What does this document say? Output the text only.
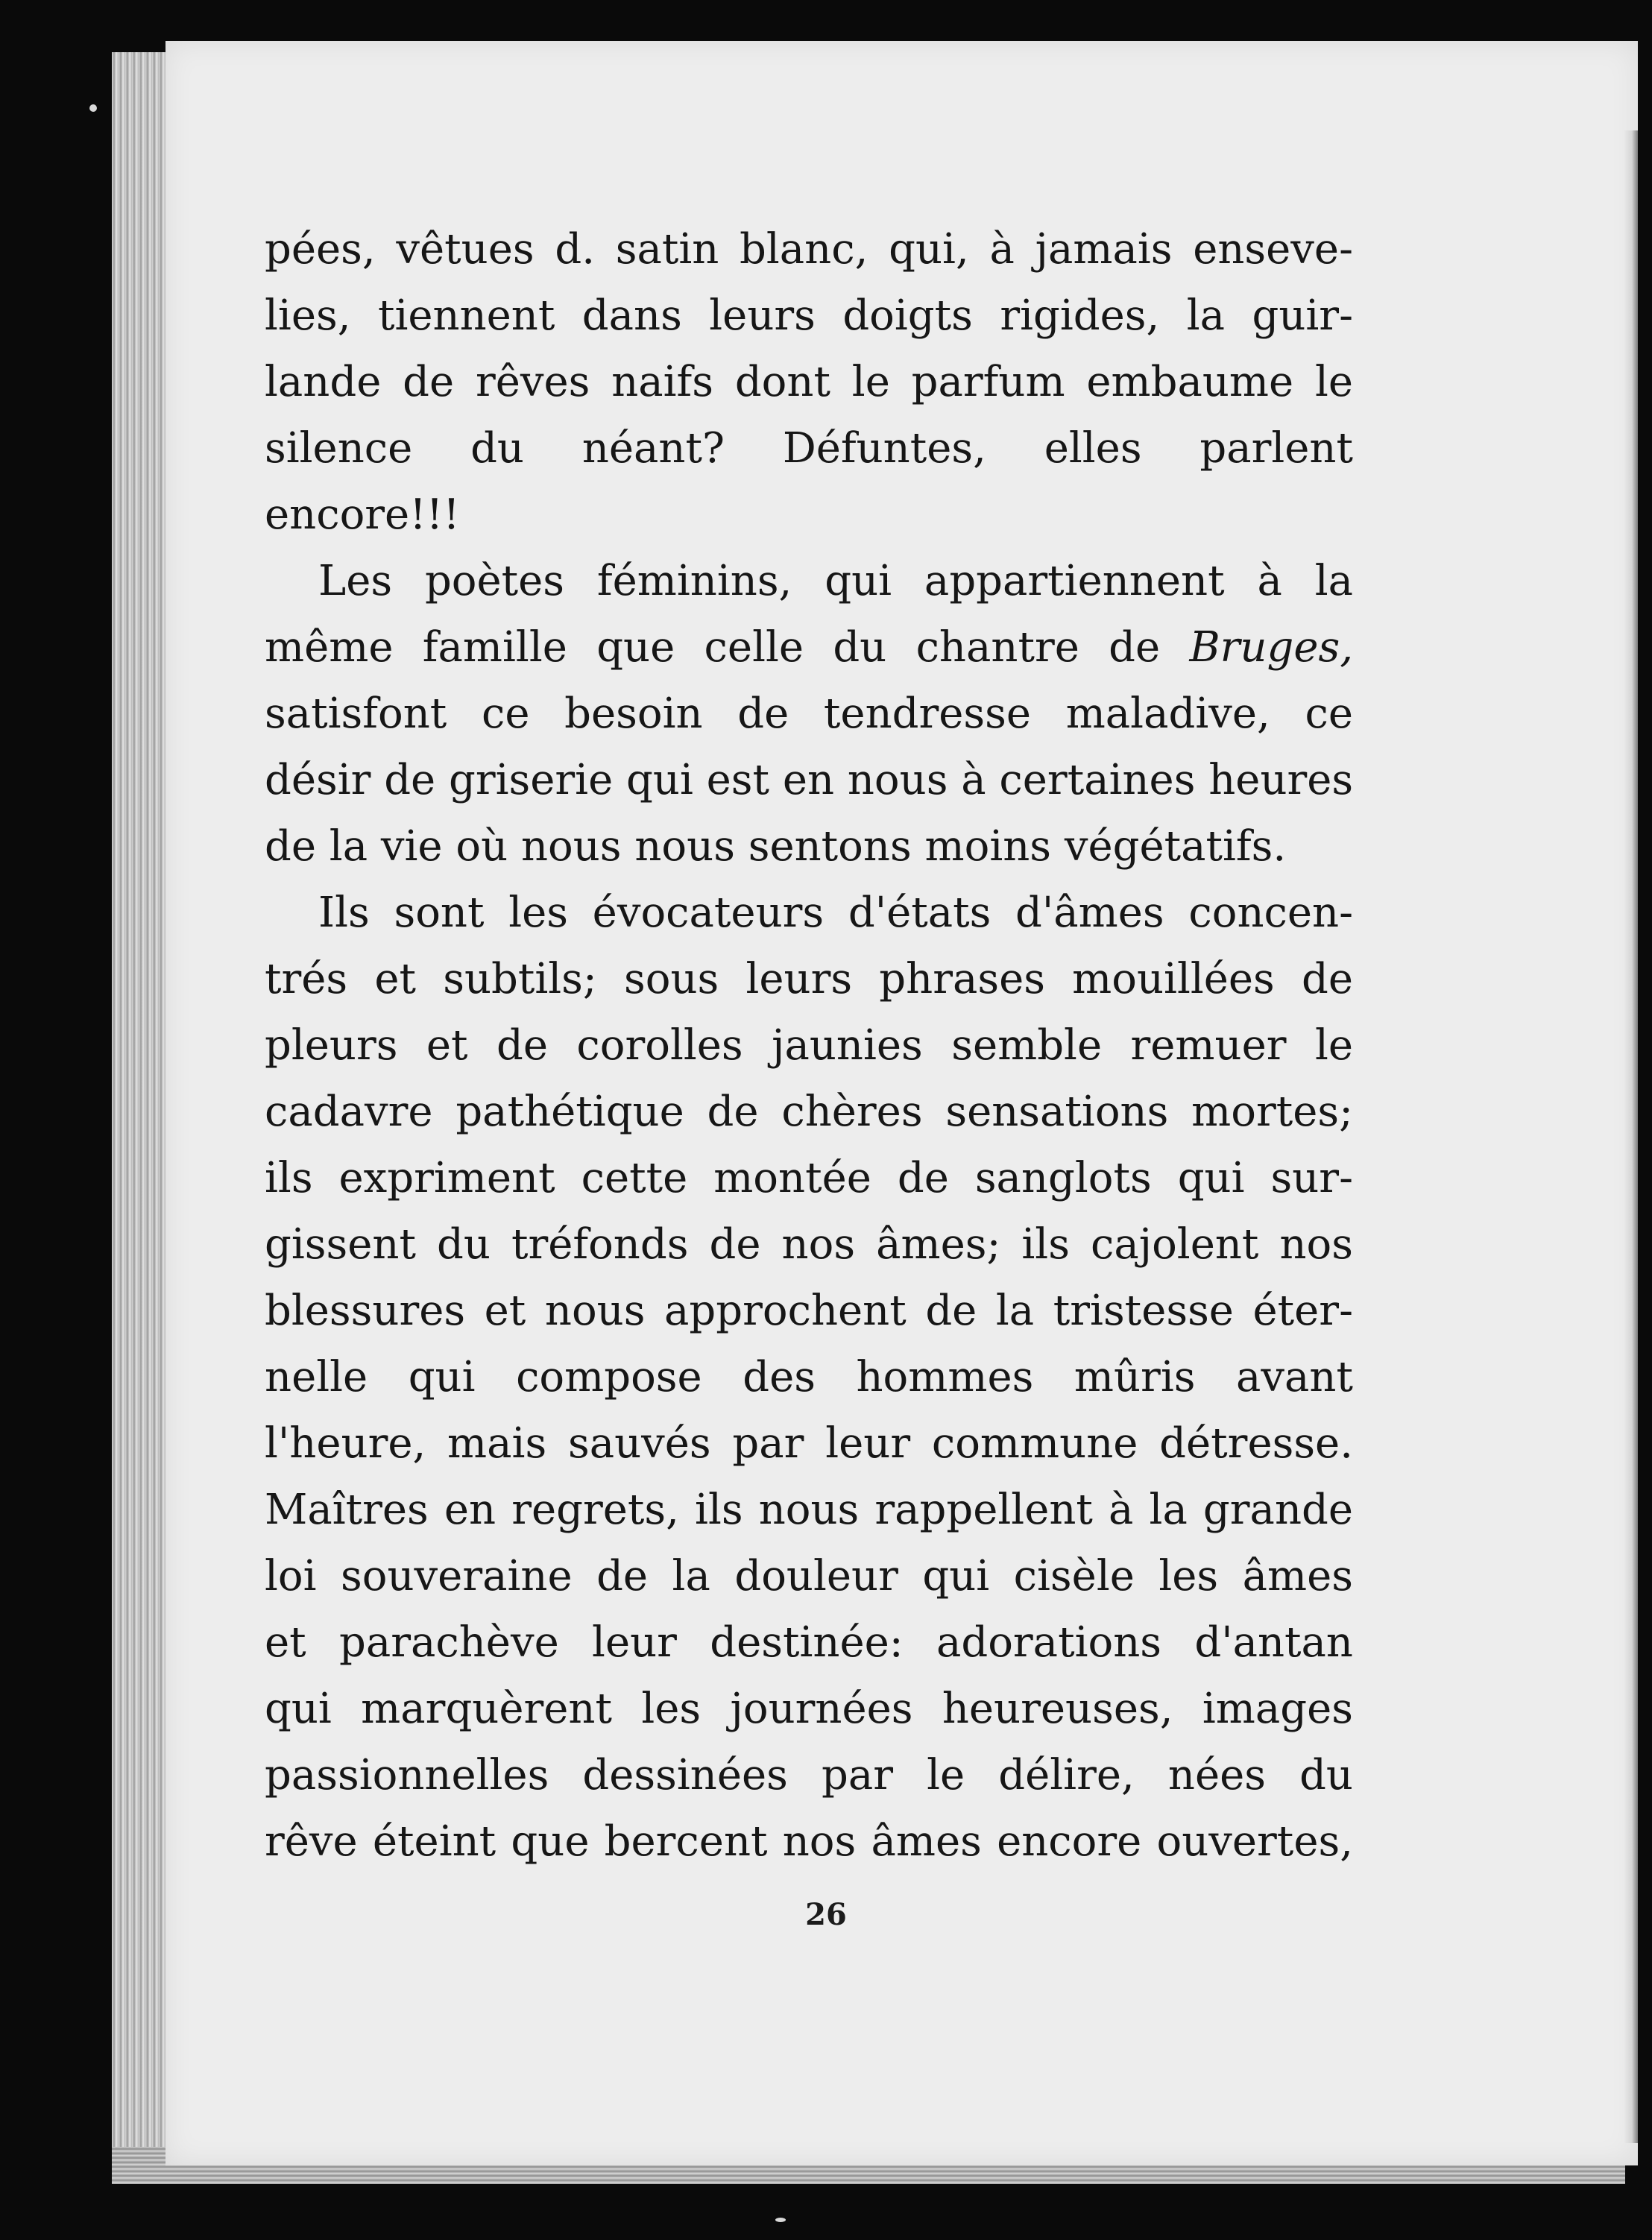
pées, vêtues d. satin blanc, qui, à jamais enseve-
lies, tiennent dans leurs doigts rigides, la guir-
lande de rêves naifs dont le parfum embaume le
silence du néant? Défuntes, elles parlent
encore!!!

Les poètes féminins, qui appartiennent à la
même famille que celle du chantre de Bruges,
satisfont ce besoin de tendresse maladive, ce
désir de griserie qui est en nous à certaines heures
de la vie où nous nous sentons moins végétatifs.

Ils sont les évocateurs d'états d'âmes concen-
trés et subtils; sous leurs phrases mouillées de
pleurs et de corolles jaunies semble remuer le
cadavre pathétique de chères sensations mortes;
ils expriment cette montée de sanglots qui sur-
gissent du tréfonds de nos âmes; ils cajolent nos
blessures et nous approchent de la tristesse éter-
nelle qui compose des hommes mûris avant
l'heure, mais sauvés par leur commune détresse.
Maîtres en regrets, ils nous rappellent à la grande
loi souveraine de la douleur qui cisèle les âmes
et parachève leur destinée: adorations d'antan
qui marquèrent les journées heureuses, images
passionnelles dessinées par le délire, nées du
rêve éteint que bercent nos âmes encore ouvertes,

26
